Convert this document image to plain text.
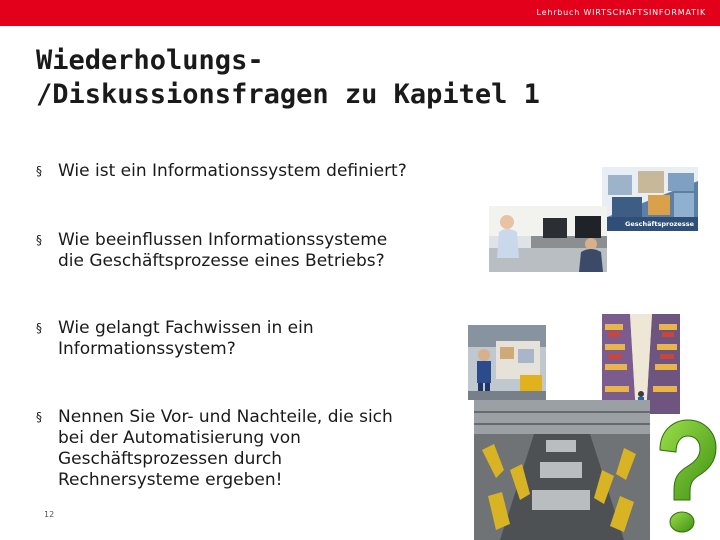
Lehrbuch WIRTSCHAFTSINFORMATIK
Wiederholungs-
/Diskussionsfragen zu Kapitel 1
§ Wie ist ein Informationssystem definiert?
§ Wie beeinflussen Informationssysteme
die Geschäftsprozesse eines Betriebs?
§ Wie gelangt Fachwissen in ein
Informationssystem?
§ Nennen Sie Vor- und Nachteile, die sich
bei der Automatisierung von
Geschäftsprozessen durch
Rechnersysteme ergeben!
Geschäftsprozesse
12
